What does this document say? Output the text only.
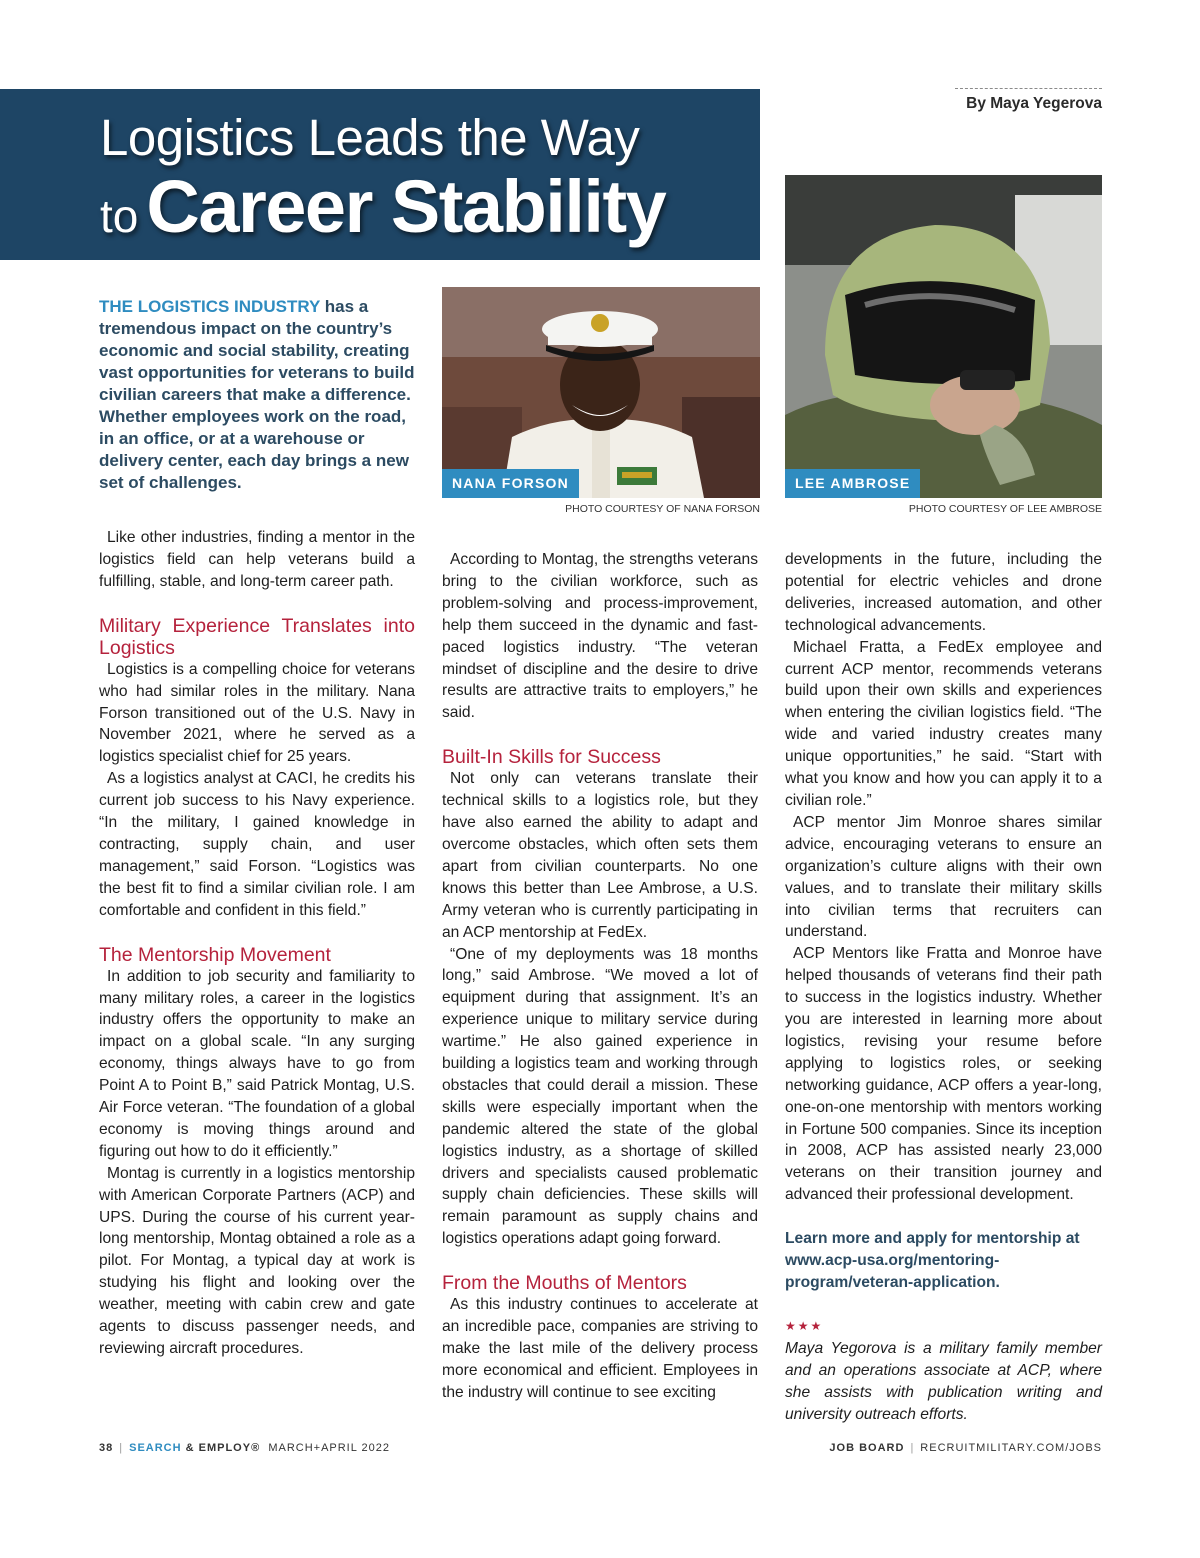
Logistics Leads the Way
to Career Stability
By Maya Yegerova
NANA FORSON
PHOTO COURTESY OF NANA FORSON
LEE AMBROSE
PHOTO COURTESY OF LEE AMBROSE
THE LOGISTICS INDUSTRY has a tremendous impact on the country’s economic and social stability, creating vast opportunities for veterans to build civilian careers that make a difference. Whether employees work on the road, in an office, or at a warehouse or delivery center, each day brings a new set of challenges.

Like other industries, finding a mentor in the logistics field can help veterans build a fulfilling, stable, and long-term career path.

Military Experience Translates into Logistics

Logistics is a compelling choice for veterans who had similar roles in the military. Nana Forson transitioned out of the U.S. Navy in November 2021, where he served as a logistics specialist chief for 25 years.

As a logistics analyst at CACI, he credits his current job success to his Navy experience. “In the military, I gained knowledge in contracting, supply chain, and user management,” said Forson. “Logistics was the best fit to find a similar civilian role. I am comfortable and confident in this field.”

The Mentorship Movement

In addition to job security and familiarity to many military roles, a career in the logistics industry offers the opportunity to make an impact on a global scale. “In any surging economy, things always have to go from Point A to Point B,” said Patrick Montag, U.S. Air Force veteran. “The foundation of a global economy is moving things around and figuring out how to do it efficiently.”

Montag is currently in a logistics mentorship with American Corporate Partners (ACP) and UPS. During the course of his current year-long mentorship, Montag obtained a role as a pilot. For Montag, a typical day at work is studying his flight and looking over the weather, meeting with cabin crew and gate agents to discuss passenger needs, and reviewing aircraft procedures.

According to Montag, the strengths veterans bring to the civilian workforce, such as problem-solving and process-improvement, help them succeed in the dynamic and fast-paced logistics industry. “The veteran mindset of discipline and the desire to drive results are attractive traits to employers,” he said.

Built-In Skills for Success

Not only can veterans translate their technical skills to a logistics role, but they have also earned the ability to adapt and overcome obstacles, which often sets them apart from civilian counterparts. No one knows this better than Lee Ambrose, a U.S. Army veteran who is currently participating in an ACP mentorship at FedEx.

“One of my deployments was 18 months long,” said Ambrose. “We moved a lot of equipment during that assignment. It’s an experience unique to military service during wartime.” He also gained experience in building a logistics team and working through obstacles that could derail a mission. These skills were especially important when the pandemic altered the state of the global logistics industry, as a shortage of skilled drivers and specialists caused problematic supply chain deficiencies. These skills will remain paramount as supply chains and logistics operations adapt going forward.

From the Mouths of Mentors

As this industry continues to accelerate at an incredible pace, companies are striving to make the last mile of the delivery process more economical and efficient. Employees in the industry will continue to see exciting

developments in the future, including the potential for electric vehicles and drone deliveries, increased automation, and other technological advancements.

Michael Fratta, a FedEx employee and current ACP mentor, recommends veterans build upon their own skills and experiences when entering the civilian logistics field. “The wide and varied industry creates many unique opportunities,” he said. “Start with what you know and how you can apply it to a civilian role.”

ACP mentor Jim Monroe shares similar advice, encouraging veterans to ensure an organization’s culture aligns with their own values, and to translate their military skills into civilian terms that recruiters can understand.

ACP Mentors like Fratta and Monroe have helped thousands of veterans find their path to success in the logistics industry. Whether you are interested in learning more about logistics, revising your resume before applying to logistics roles, or seeking networking guidance, ACP offers a year-long, one-on-one mentorship with mentors working in Fortune 500 companies. Since its inception in 2008, ACP has assisted nearly 23,000 veterans on their transition journey and advanced their professional development.

Learn more and apply for mentorship at www.acp-usa.org/mentoring-program/veteran-application.

★★★

Maya Yegorova is a military family member and an operations associate at ACP, where she assists with publication writing and university outreach efforts.

38 | SEARCH & EMPLOY® MARCH+APRIL 2022	JOB BOARD | RECRUITMILITARY.COM/JOBS
